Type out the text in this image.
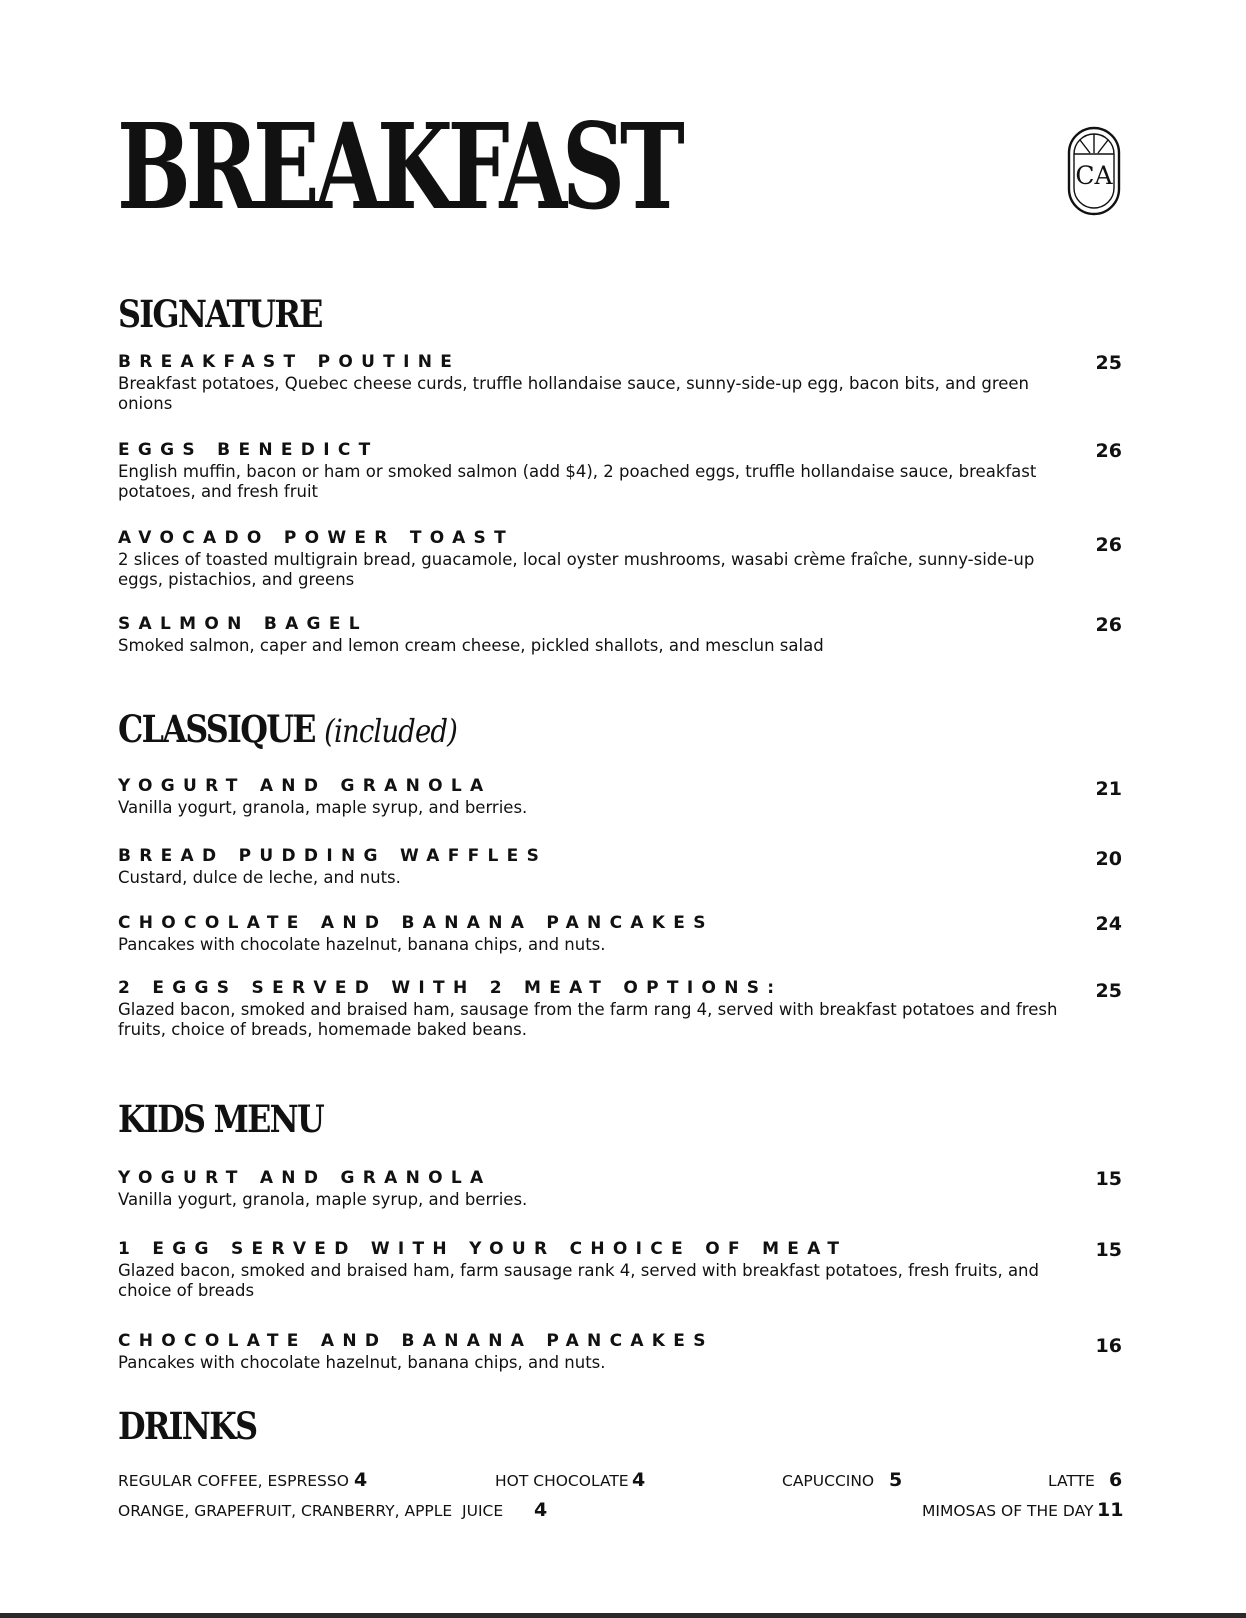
BREAKFAST	CA
SIGNATURE
BREAKFAST POUTINE
Breakfast potatoes, Quebec cheese curds, truffle hollandaise sauce, sunny-side-up egg, bacon bits, and green onions
25
EGGS BENEDICT
English muffin, bacon or ham or smoked salmon (add $4), 2 poached eggs, truffle hollandaise sauce, breakfast potatoes, and fresh fruit
26
AVOCADO POWER TOAST
2 slices of toasted multigrain bread, guacamole, local oyster mushrooms, wasabi crème fraîche, sunny-side-up eggs, pistachios, and greens
26
SALMON BAGEL
Smoked salmon, caper and lemon cream cheese, pickled shallots, and mesclun salad
26
CLASSIQUE (included)
YOGURT AND GRANOLA
Vanilla yogurt, granola, maple syrup, and berries.
21
BREAD PUDDING WAFFLES
Custard, dulce de leche, and nuts.
20
CHOCOLATE AND BANANA PANCAKES
Pancakes with chocolate hazelnut, banana chips, and nuts.
24
2 EGGS SERVED WITH 2 MEAT OPTIONS:
Glazed bacon, smoked and braised ham, sausage from the farm rang 4, served with breakfast potatoes and fresh fruits, choice of breads, homemade baked beans.
25
KIDS MENU
YOGURT AND GRANOLA
Vanilla yogurt, granola, maple syrup, and berries.
15
1 EGG SERVED WITH YOUR CHOICE OF MEAT
Glazed bacon, smoked and braised ham, farm sausage rank 4, served with breakfast potatoes, fresh fruits, and choice of breads
15
CHOCOLATE AND BANANA PANCAKES
Pancakes with chocolate hazelnut, banana chips, and nuts.
16
DRINKS
REGULAR COFFEE, ESPRESSO 4	HOT CHOCOLATE 4	CAPUCCINO 5	LATTE 6
ORANGE, GRAPEFRUIT, CRANBERRY, APPLE  JUICE 4	MIMOSAS OF THE DAY 11
